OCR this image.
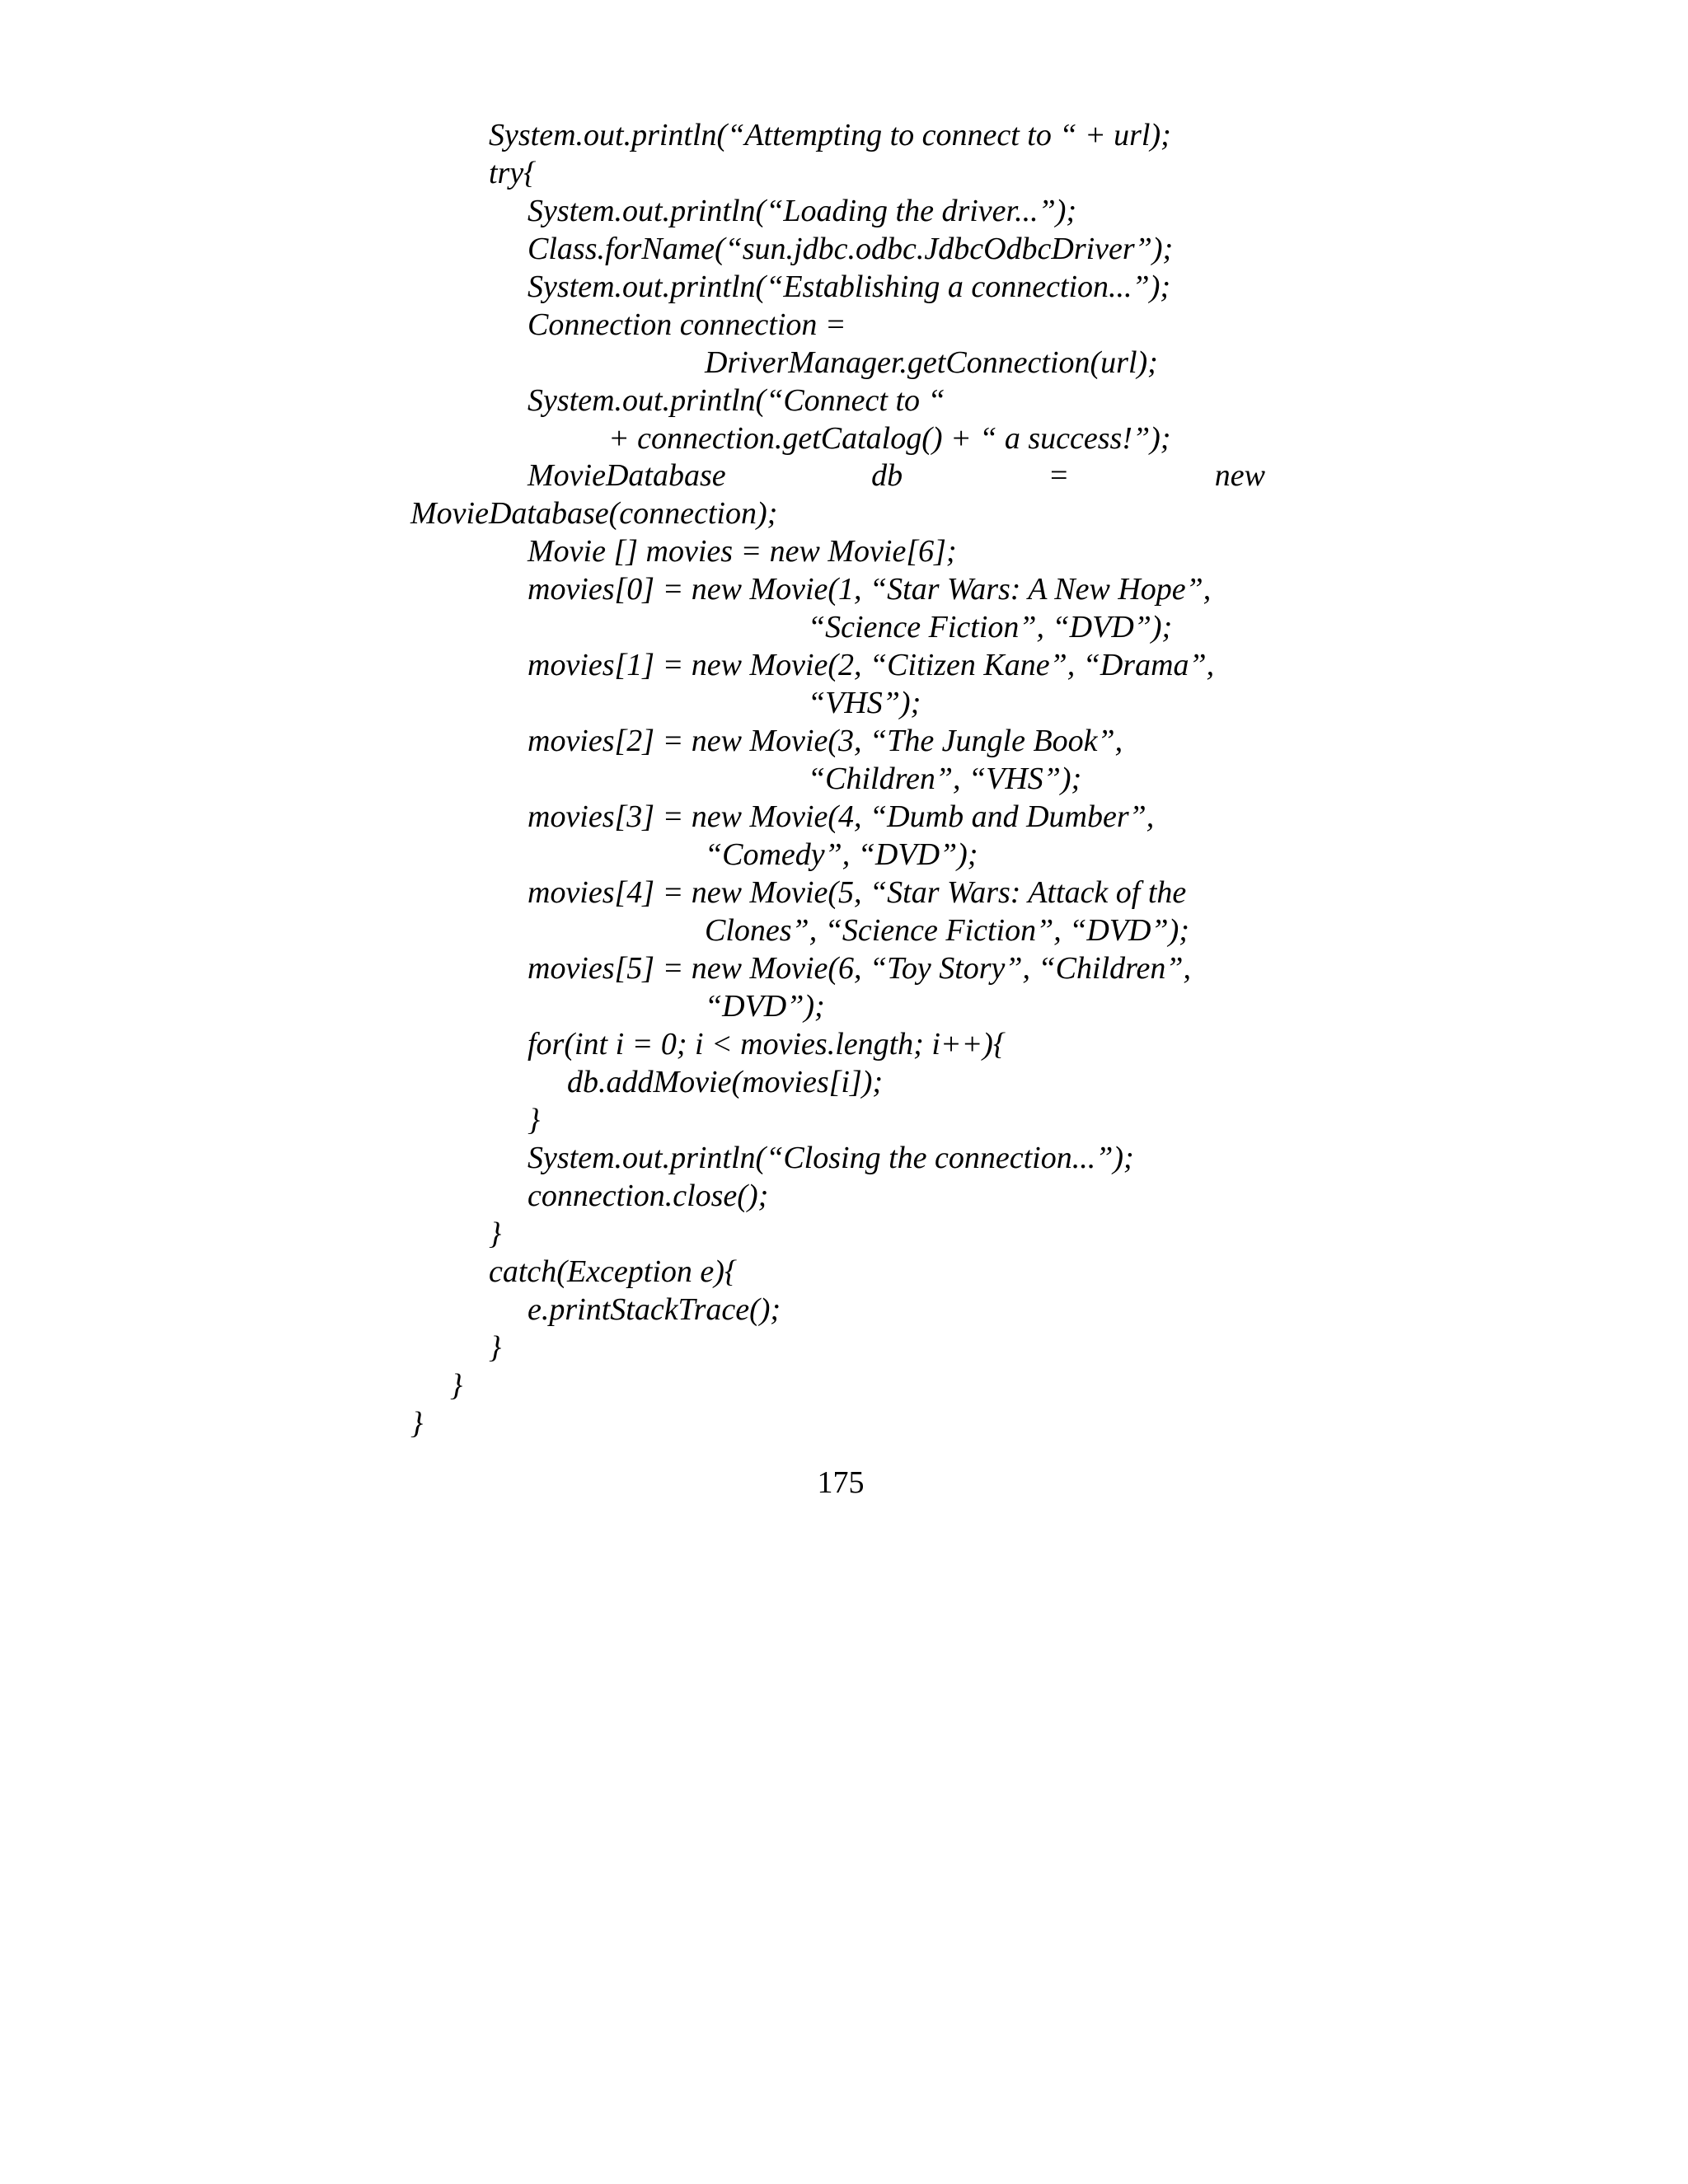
System.out.println(“Attempting to connect to “ + url);
try{
System.out.println(“Loading the driver...”);
Class.forName(“sun.jdbc.odbc.JdbcOdbcDriver”);
System.out.println(“Establishing a connection...”);
Connection connection =
DriverManager.getConnection(url);
System.out.println(“Connect to “
+ connection.getCatalog() + “ a success!”);
MovieDatabase	db	=	new
MovieDatabase(connection);
Movie [] movies = new Movie[6];
movies[0] = new Movie(1, “Star Wars: A New Hope”,
“Science Fiction”, “DVD”);
movies[1] = new Movie(2, “Citizen Kane”, “Drama”,
“VHS”);
movies[2] = new Movie(3, “The Jungle Book”,
“Children”, “VHS”);
movies[3] = new Movie(4, “Dumb and Dumber”,
“Comedy”, “DVD”);
movies[4] = new Movie(5, “Star Wars: Attack of the
Clones”, “Science Fiction”, “DVD”);
movies[5] = new Movie(6, “Toy Story”, “Children”,
“DVD”);
for(int i = 0; i < movies.length; i++){
db.addMovie(movies[i]);
}
System.out.println(“Closing the connection...”);
connection.close();
}
catch(Exception e){
e.printStackTrace();
}
}
}
175
